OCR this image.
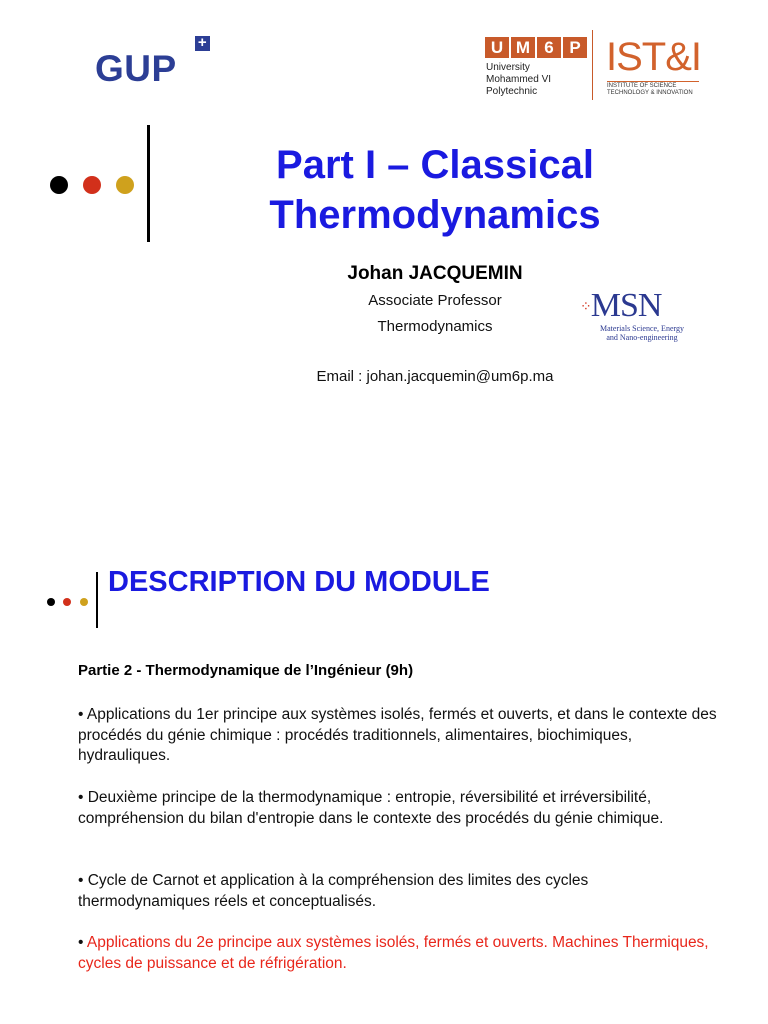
GUP
+	U M 6 P
University
Mohammed VI
Polytechnic
IST&I
INSTITUTE OF SCIENCE
TECHNOLOGY & INNOVATION
Part I – Classical
Thermodynamics
Johan JACQUEMIN
Associate Professor
Thermodynamics
Email : johan.jacquemin@um6p.ma
⁘MSN
Materials Science, Energy
and Nano-engineering
DESCRIPTION DU MODULE
Partie 2 - Thermodynamique de l’Ingénieur (9h)
• Applications du 1er principe aux systèmes isolés, fermés et ouverts, et dans le contexte des procédés du génie chimique : procédés traditionnels, alimentaires, biochimiques, hydrauliques.
• Deuxième principe de la thermodynamique : entropie, réversibilité et irréversibilité, compréhension du bilan d'entropie dans le contexte des procédés du génie chimique.
• Cycle de Carnot et application à la compréhension des limites des cycles thermodynamiques réels et conceptualisés.
• Applications du 2e principe aux systèmes isolés, fermés et ouverts. Machines Thermiques, cycles de puissance et de réfrigération.
